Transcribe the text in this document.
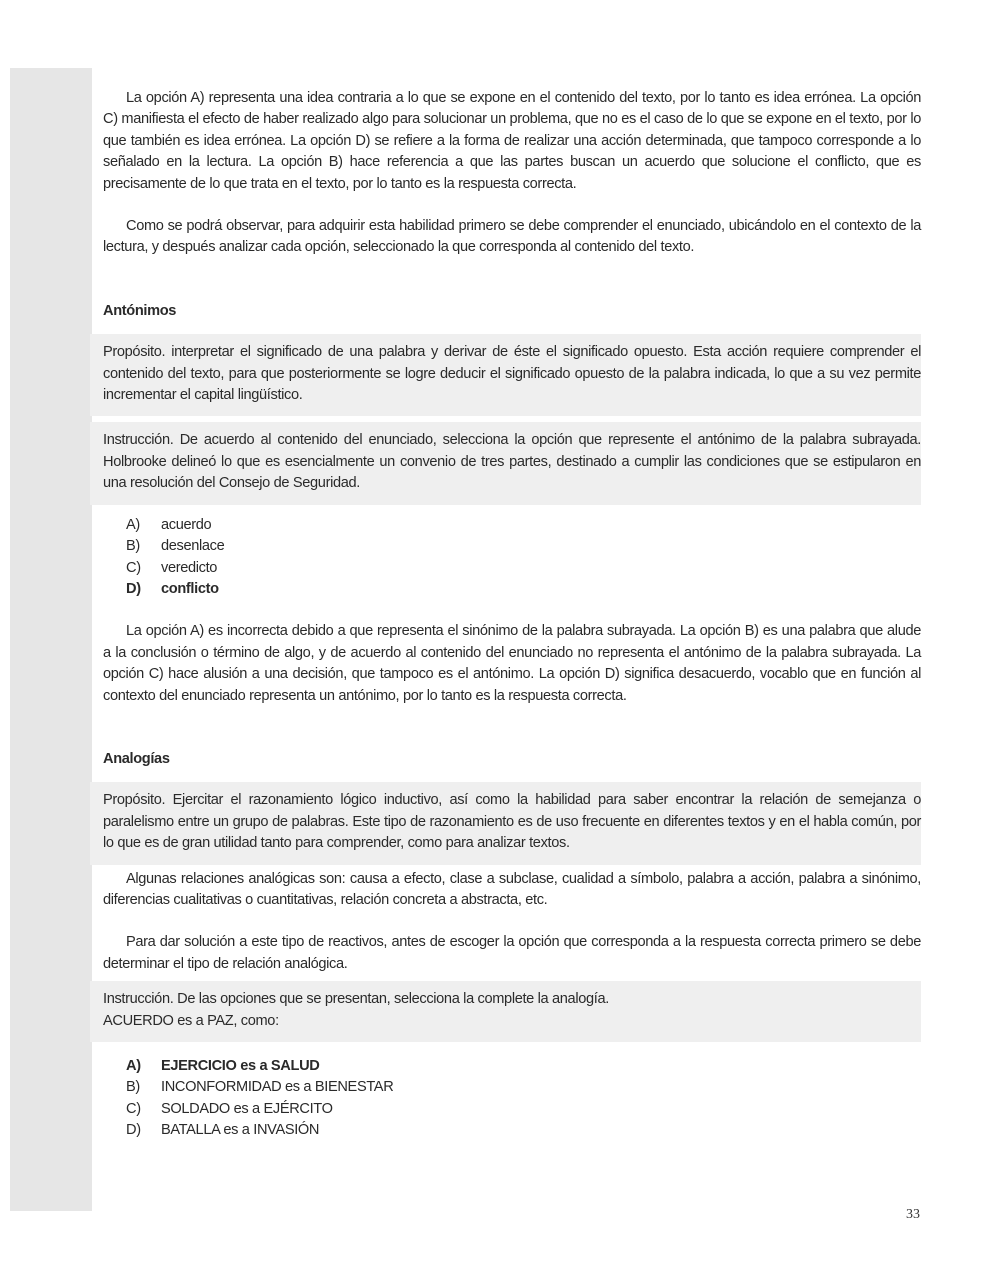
La opción A) representa una idea contraria a lo que se expone en el contenido del texto, por lo tanto es idea errónea. La opción C) manifiesta el efecto de haber realizado algo para solucionar un problema, que no es el caso de lo que se expone en el texto, por lo que también es idea errónea. La opción D) se refiere a la forma de realizar una acción determinada, que tampoco corresponde a lo señalado en la lectura. La opción B) hace referencia a que las partes buscan un acuerdo que solucione el conflicto, que es precisamente de lo que trata en el texto, por lo tanto es la respuesta correcta.

Como se podrá observar, para adquirir esta habilidad primero se debe comprender el enunciado, ubicándolo en el contexto de la lectura, y después analizar cada opción, seleccionado la que corresponda al contenido del texto.

Antónimos

Propósito. interpretar el significado de una palabra y derivar de éste el significado opuesto. Esta acción requiere comprender el contenido del texto, para que posteriormente se logre deducir el significado opuesto de la palabra indicada, lo que a su vez permite incrementar el capital lingüístico.

Instrucción. De acuerdo al contenido del enunciado, selecciona la opción que represente el antónimo de la palabra subrayada. Holbrooke delineó lo que es esencialmente un convenio de tres partes, destinado a cumplir las condiciones que se estipularon en una resolución del Consejo de Seguridad.

A)	acuerdo
B)	desenlace
C)	veredicto
D)	conflicto

La opción A) es incorrecta debido a que representa el sinónimo de la palabra subrayada. La opción B) es una palabra que alude a la conclusión o término de algo, y de acuerdo al contenido del enunciado no representa el antónimo de la palabra subrayada. La opción C) hace alusión a una decisión, que tampoco es el antónimo. La opción D) significa desacuerdo, vocablo que en función al contexto del enunciado representa un antónimo, por lo tanto es la respuesta correcta.

Analogías

Propósito. Ejercitar el razonamiento lógico inductivo, así como la habilidad para saber encontrar la relación de semejanza o paralelismo entre un grupo de palabras. Este tipo de razonamiento es de uso frecuente en diferentes textos y en el habla común, por lo que es de gran utilidad tanto para comprender, como para analizar textos.

Algunas relaciones analógicas son: causa a efecto, clase a subclase, cualidad a símbolo, palabra a acción, palabra a sinónimo, diferencias cualitativas o cuantitativas, relación concreta a abstracta, etc.

Para dar solución a este tipo de reactivos, antes de escoger la opción que corresponda a la respuesta correcta primero se debe determinar el tipo de relación analógica.

Instrucción. De las opciones que se presentan, selecciona la complete la analogía.

ACUERDO es a PAZ, como:

A)	EJERCICIO es a SALUD
B)	INCONFORMIDAD es a BIENESTAR
C)	SOLDADO es a EJÉRCITO
D)	BATALLA es a INVASIÓN
33
